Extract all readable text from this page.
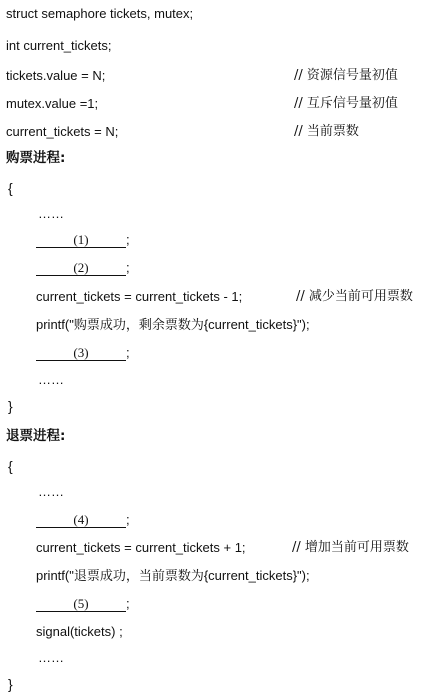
struct semaphore tickets, mutex;
int current_tickets;
tickets.value = N;	// 资源信号量初值
mutex.value =1;	// 互斥信号量初值
current_tickets = N;	// 当前票数
购票进程:
{
……
(1)	;
(2)	;
current_tickets = current_tickets - 1;	// 减少当前可用票数
printf("购票成功，剩余票数为{current_tickets}");
(3)	;
……
}
退票进程:
{
……
(4)	;
current_tickets = current_tickets + 1;	// 增加当前可用票数
printf("退票成功，当前票数为{current_tickets}");
(5)	;
signal(tickets) ;
……
}
